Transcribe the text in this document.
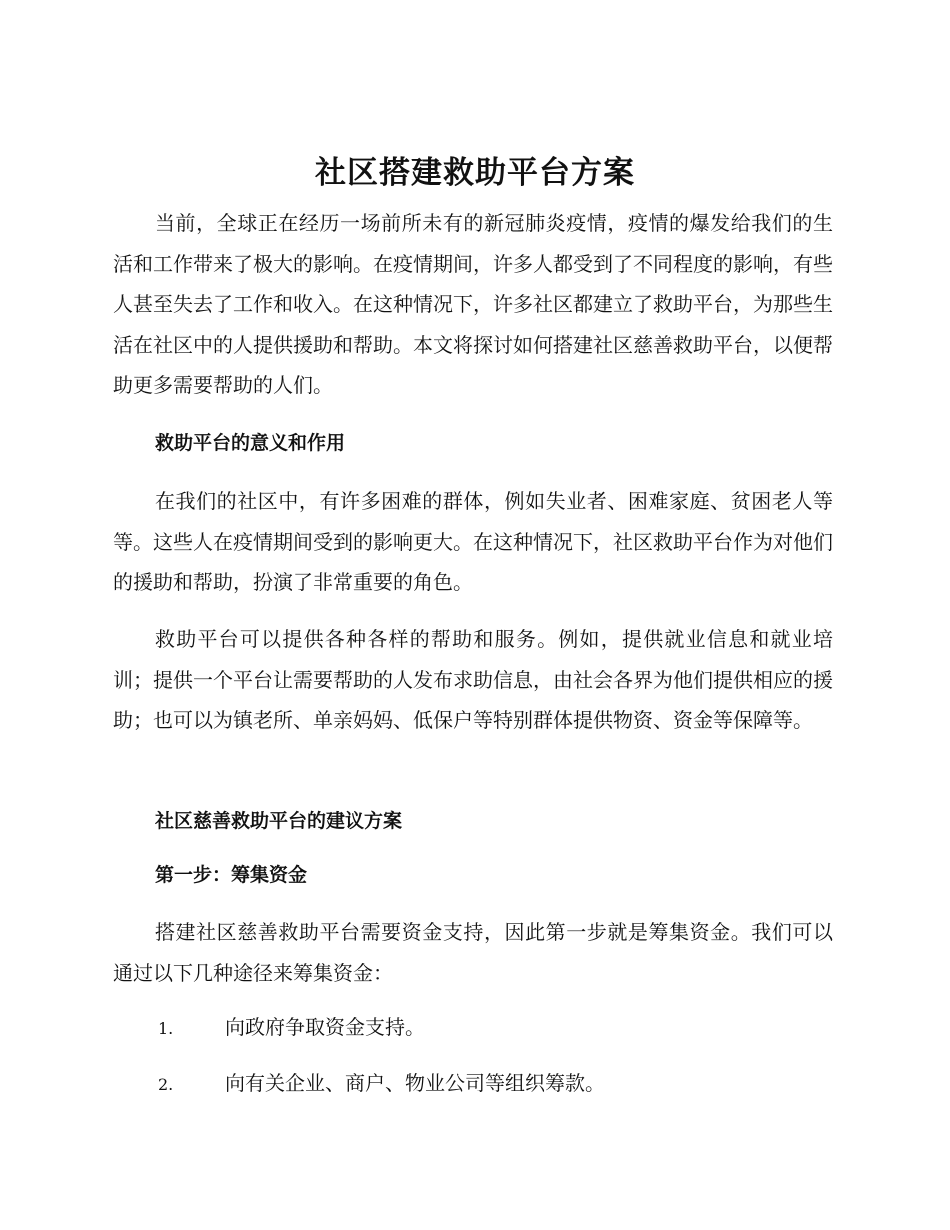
社区搭建救助平台方案

当前，全球正在经历一场前所未有的新冠肺炎疫情，疫情的爆发给我们的生活和工作带来了极大的影响。在疫情期间，许多人都受到了不同程度的影响，有些人甚至失去了工作和收入。在这种情况下，许多社区都建立了救助平台，为那些生活在社区中的人提供援助和帮助。本文将探讨如何搭建社区慈善救助平台，以便帮助更多需要帮助的人们。

救助平台的意义和作用

在我们的社区中，有许多困难的群体，例如失业者、困难家庭、贫困老人等等。这些人在疫情期间受到的影响更大。在这种情况下，社区救助平台作为对他们的援助和帮助，扮演了非常重要的角色。

救助平台可以提供各种各样的帮助和服务。例如，提供就业信息和就业培训；提供一个平台让需要帮助的人发布求助信息，由社会各界为他们提供相应的援助；也可以为镇老所、单亲妈妈、低保户等特别群体提供物资、资金等保障等。

社区慈善救助平台的建议方案
第一步：筹集资金

搭建社区慈善救助平台需要资金支持，因此第一步就是筹集资金。我们可以通过以下几种途径来筹集资金：

1.	向政府争取资金支持。
2.	向有关企业、商户、物业公司等组织筹款。
